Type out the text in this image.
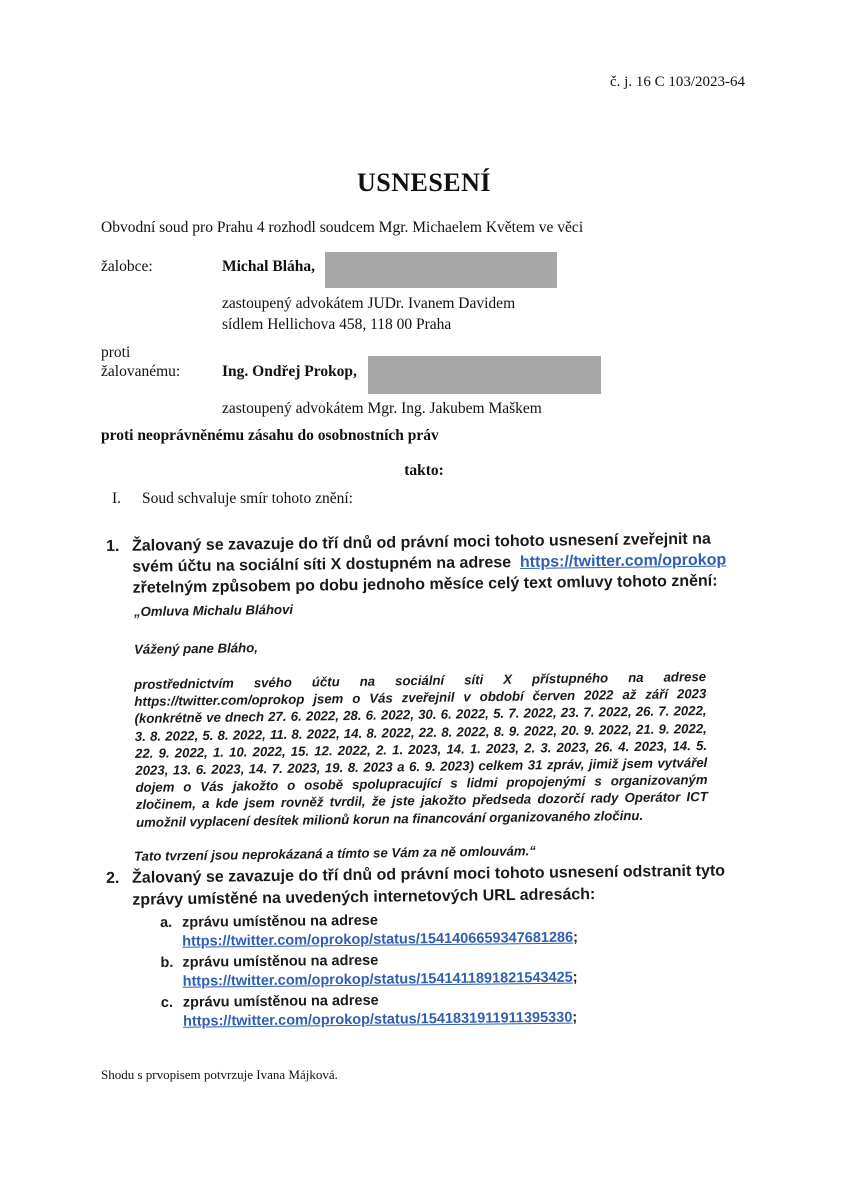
č. j. 16 C 103/2023-64
USNESENÍ
Obvodní soud pro Prahu 4 rozhodl soudcem Mgr. Michaelem Květem ve věci
žalobce:	Michal Bláha,
zastoupený advokátem JUDr. Ivanem Davidem
sídlem Hellichova 458, 118 00 Praha
proti
žalovanému:	Ing. Ondřej Prokop,
zastoupený advokátem Mgr. Ing. Jakubem Maškem
proti neoprávněnému zásahu do osobnostních práv
takto:
I. Soud schvaluje smír tohoto znění:
1. Žalovaný se zavazuje do tří dnů od právní moci tohoto usnesení zveřejnit na
svém účtu na sociální síti X dostupném na adrese https://twitter.com/oprokop
zřetelným způsobem po dobu jednoho měsíce celý text omluvy tohoto znění:
„Omluva Michalu Bláhovi
Vážený pane Bláho,
prostřednictvím svého účtu na sociální síti X přístupného na adrese https://twitter.com/oprokop jsem o Vás zveřejnil v období červen 2022 až září 2023 (konkrétně ve dnech 27. 6. 2022, 28. 6. 2022, 30. 6. 2022, 5. 7. 2022, 23. 7. 2022, 26. 7. 2022, 3. 8. 2022, 5. 8. 2022, 11. 8. 2022, 14. 8. 2022, 22. 8. 2022, 8. 9. 2022, 20. 9. 2022, 21. 9. 2022, 22. 9. 2022, 1. 10. 2022, 15. 12. 2022, 2. 1. 2023, 14. 1. 2023, 2. 3. 2023, 26. 4. 2023, 14. 5. 2023, 13. 6. 2023, 14. 7. 2023, 19. 8. 2023 a 6. 9. 2023) celkem 31 zpráv, jimiž jsem vytvářel dojem o Vás jakožto o osobě spolupracující s lidmi propojenými s organizovaným zločinem, a kde jsem rovněž tvrdil, že jste jakožto předseda dozorčí rady Operátor ICT umožnil vyplacení desítek milionů korun na financování organizovaného zločinu.
Tato tvrzení jsou neprokázaná a tímto se Vám za ně omlouvám.“
2. Žalovaný se zavazuje do tří dnů od právní moci tohoto usnesení odstranit tyto
zprávy umístěné na uvedených internetových URL adresách:
a. zprávu umístěnou na adrese
https://twitter.com/oprokop/status/1541406659347681286;
b. zprávu umístěnou na adrese
https://twitter.com/oprokop/status/1541411891821543425;
c. zprávu umístěnou na adrese
https://twitter.com/oprokop/status/1541831911911395330;
Shodu s prvopisem potvrzuje Ivana Májková.
